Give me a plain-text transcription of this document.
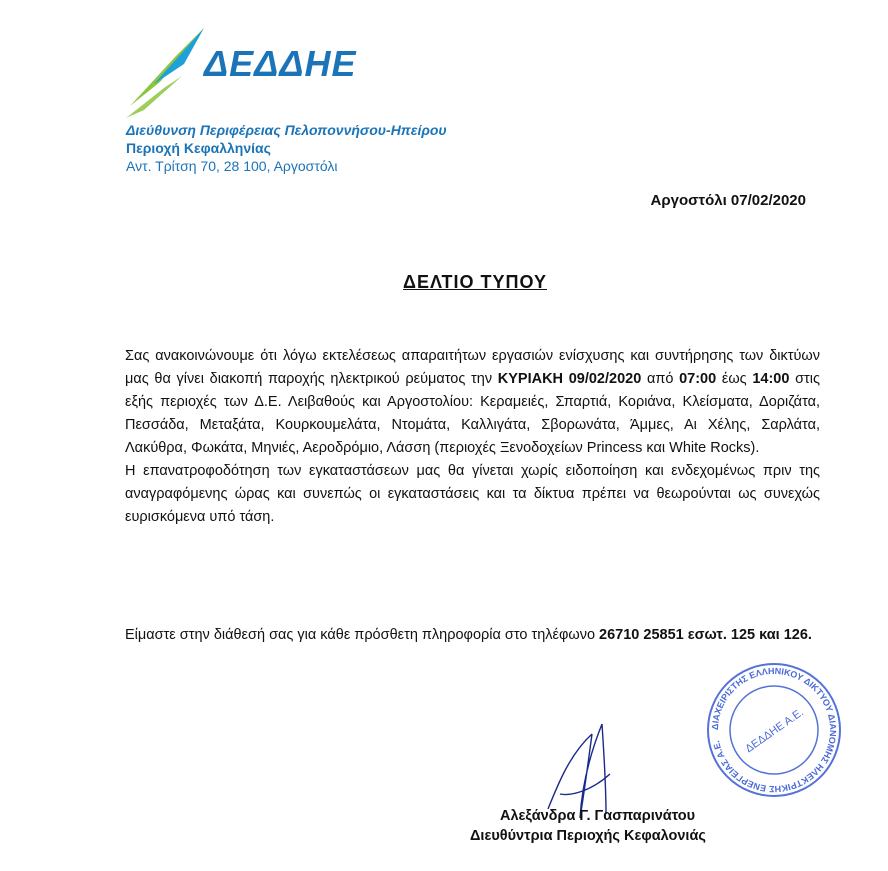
ΔΕΔΔΗΕ
Διεύθυνση Περιφέρειας Πελοποννήσου-Ηπείρου
Περιοχή Κεφαλληνίας
Αντ. Τρίτση 70, 28 100, Αργοστόλι
Αργοστόλι 07/02/2020
ΔΕΛΤΙΟ ΤΥΠΟΥ

Σας ανακοινώνουμε ότι λόγω εκτελέσεως απαραιτήτων εργασιών ενίσχυσης και συντήρησης των δικτύων μας θα γίνει διακοπή παροχής ηλεκτρικού ρεύματος την ΚΥΡΙΑΚΗ 09/02/2020 από 07:00 έως 14:00 στις εξής περιοχές των Δ.Ε. Λειβαθούς και Αργοστολίου: Κεραμειές, Σπαρτιά, Κοριάνα, Κλείσματα, Δοριζάτα, Πεσσάδα, Μεταξάτα, Κουρκουμελάτα, Ντομάτα, Καλλιγάτα, Σβορωνάτα, Άμμες, Αι Χέλης, Σαρλάτα, Λακύθρα, Φωκάτα, Μηνιές, Αεροδρόμιο, Λάσση (περιοχές Ξενοδοχείων Princess και White Rocks).

Η επανατροφοδότηση των εγκαταστάσεων μας θα γίνεται χωρίς ειδοποίηση και ενδεχομένως πριν της αναγραφόμενης ώρας και συνεπώς οι εγκαταστάσεις και τα δίκτυα πρέπει να θεωρούνται ως συνεχώς ευρισκόμενα υπό τάση.

Είμαστε στην διάθεσή σας για κάθε πρόσθετη πληροφορία στο τηλέφωνο 26710 25851 εσωτ. 125 και 126.
ΔΙΑΧΕΙΡΙΣΤΗΣ ΕΛΛΗΝΙΚΟΥ ΔΙΚΤΥΟΥ ΔΙΑΝΟΜΗΣ ΗΛΕΚΤΡΙΚΗΣ ΕΝΕΡΓΕΙΑΣ Α.Ε.	ΔΕΔΔΗΕ Α.Ε.
Αλεξάνδρα Γ. Γασπαρινάτου
Διευθύντρια Περιοχής Κεφαλονιάς
